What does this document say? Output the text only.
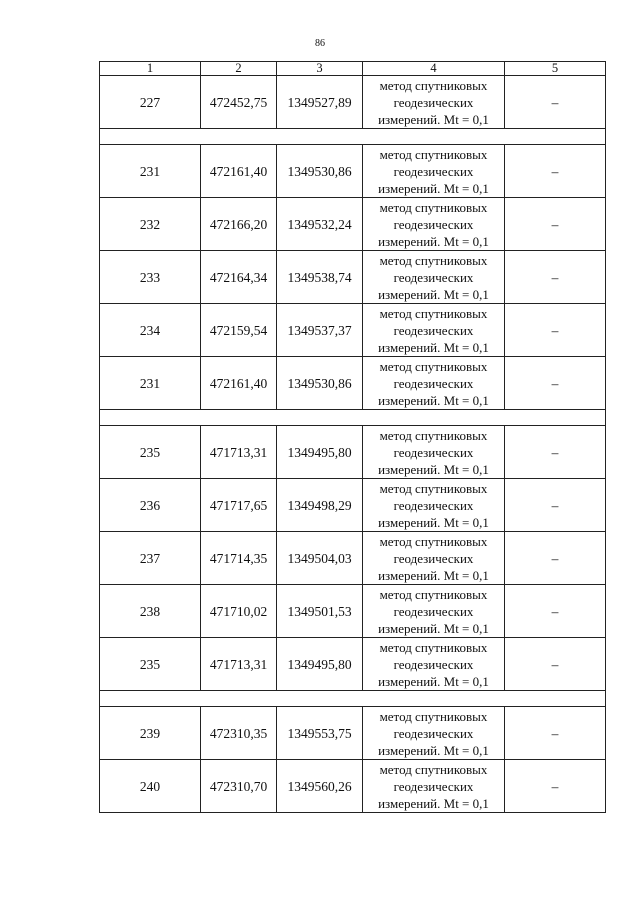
86
1	2	3	4	5
227	472452,75	1349527,89	метод спутниковых
геодезических
измерений. Mt = 0,1	–

231	472161,40	1349530,86	метод спутниковых
геодезических
измерений. Mt = 0,1	–
232	472166,20	1349532,24	метод спутниковых
геодезических
измерений. Mt = 0,1	–
233	472164,34	1349538,74	метод спутниковых
геодезических
измерений. Mt = 0,1	–
234	472159,54	1349537,37	метод спутниковых
геодезических
измерений. Mt = 0,1	–
231	472161,40	1349530,86	метод спутниковых
геодезических
измерений. Mt = 0,1	–

235	471713,31	1349495,80	метод спутниковых
геодезических
измерений. Mt = 0,1	–
236	471717,65	1349498,29	метод спутниковых
геодезических
измерений. Mt = 0,1	–
237	471714,35	1349504,03	метод спутниковых
геодезических
измерений. Mt = 0,1	–
238	471710,02	1349501,53	метод спутниковых
геодезических
измерений. Mt = 0,1	–
235	471713,31	1349495,80	метод спутниковых
геодезических
измерений. Mt = 0,1	–

239	472310,35	1349553,75	метод спутниковых
геодезических
измерений. Mt = 0,1	–
240	472310,70	1349560,26	метод спутниковых
геодезических
измерений. Mt = 0,1	–
